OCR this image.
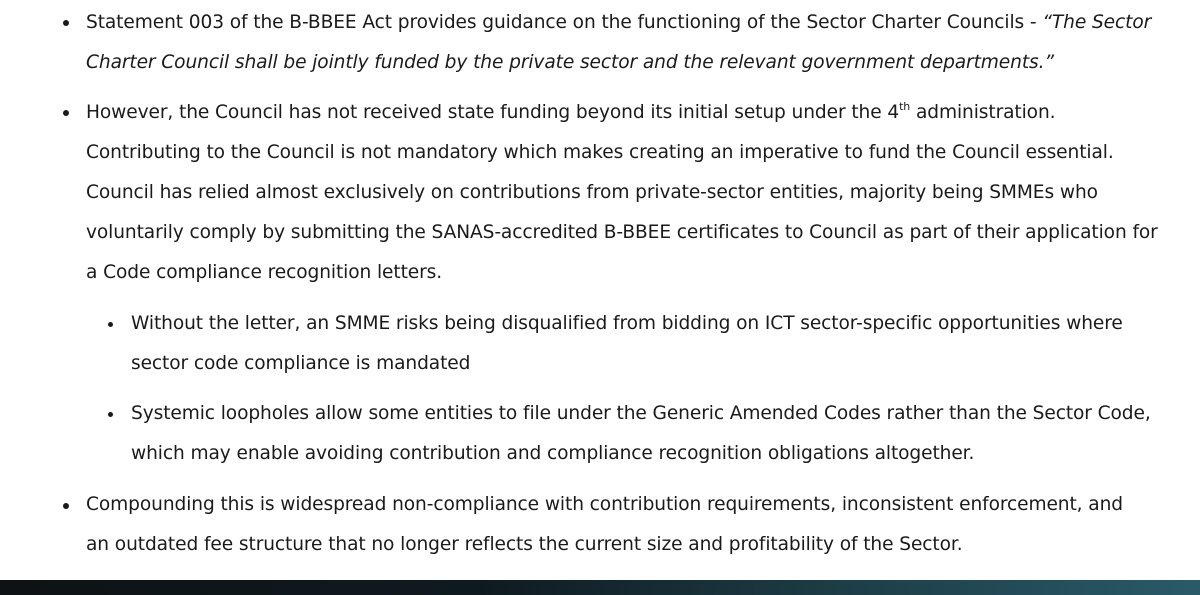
Statement 003 of the B-BBEE Act provides guidance on the functioning of the Sector Charter Councils - “The Sector
Charter Council shall be jointly funded by the private sector and the relevant government departments.”
However, the Council has not received state funding beyond its initial setup under the 4th administration.
Contributing to the Council is not mandatory which makes creating an imperative to fund the Council essential.
Council has relied almost exclusively on contributions from private-sector entities, majority being SMMEs who
voluntarily comply by submitting the SANAS-accredited B-BBEE certificates to Council as part of their application for
a Code compliance recognition letters.
Without the letter, an SMME risks being disqualified from bidding on ICT sector-specific opportunities where
sector code compliance is mandated
Systemic loopholes allow some entities to file under the Generic Amended Codes rather than the Sector Code,
which may enable avoiding contribution and compliance recognition obligations altogether.
Compounding this is widespread non-compliance with contribution requirements, inconsistent enforcement, and
an outdated fee structure that no longer reflects the current size and profitability of the Sector.
